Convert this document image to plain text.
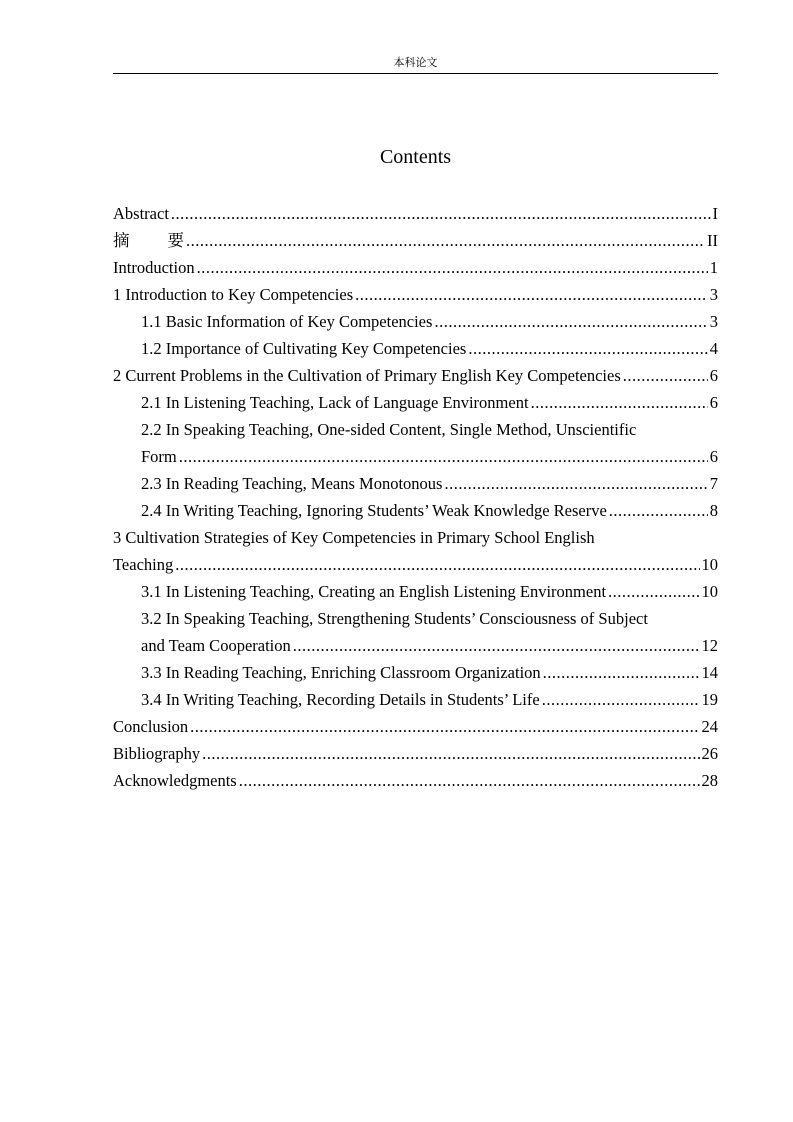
本科论文
Contents
Abstract .....	I
摘 要 .....	II
Introduction .....	1
1 Introduction to Key Competencies .....	3
1.1 Basic Information of Key Competencies .....	3
1.2 Importance of Cultivating Key Competencies .....	4
2 Current Problems in the Cultivation of Primary English Key Competencies .....	6
2.1 In Listening Teaching, Lack of Language Environment .....	6
2.2 In Speaking Teaching, One-sided Content, Single Method, Unscientific
Form .....	6
2.3 In Reading Teaching, Means Monotonous .....	7
2.4 In Writing Teaching, Ignoring Students’ Weak Knowledge Reserve .....	8
3 Cultivation Strategies of Key Competencies in Primary School English
Teaching .....	10
3.1 In Listening Teaching, Creating an English Listening Environment .....	10
3.2 In Speaking Teaching, Strengthening Students’ Consciousness of Subject
and Team Cooperation .....	12
3.3 In Reading Teaching, Enriching Classroom Organization .....	14
3.4 In Writing Teaching, Recording Details in Students’ Life .....	19
Conclusion .....	24
Bibliography .....	26
Acknowledgments .....	28
